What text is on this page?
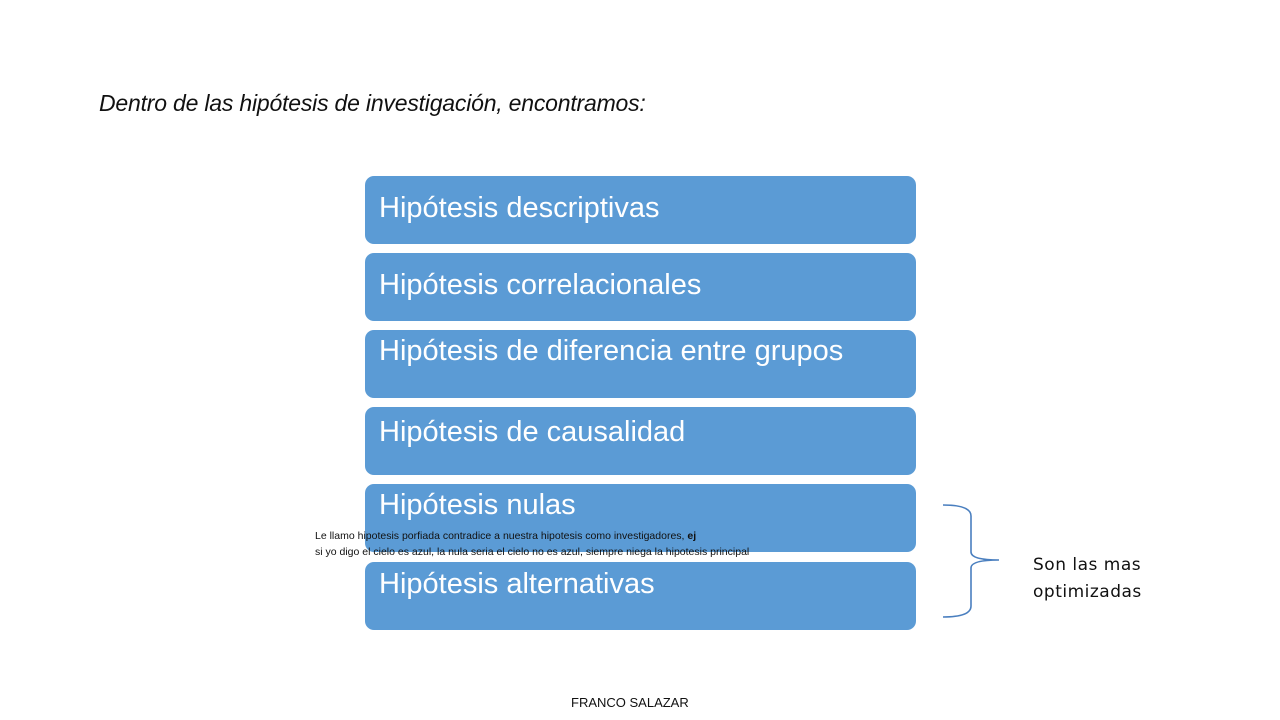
Dentro de las hipótesis de investigación, encontramos:
Hipótesis descriptivas
Hipótesis correlacionales
Hipótesis de diferencia entre grupos
Hipótesis de causalidad
Hipótesis nulas
Hipótesis alternativas
Le llamo hipotesis porfiada contradice a nuestra hipotesis como investigadores, ej
si yo digo el cielo es azul, la nula seria el cielo no es azul, siempre niega la hipotesis principal
Son las mas
optimizadas
FRANCO SALAZAR
